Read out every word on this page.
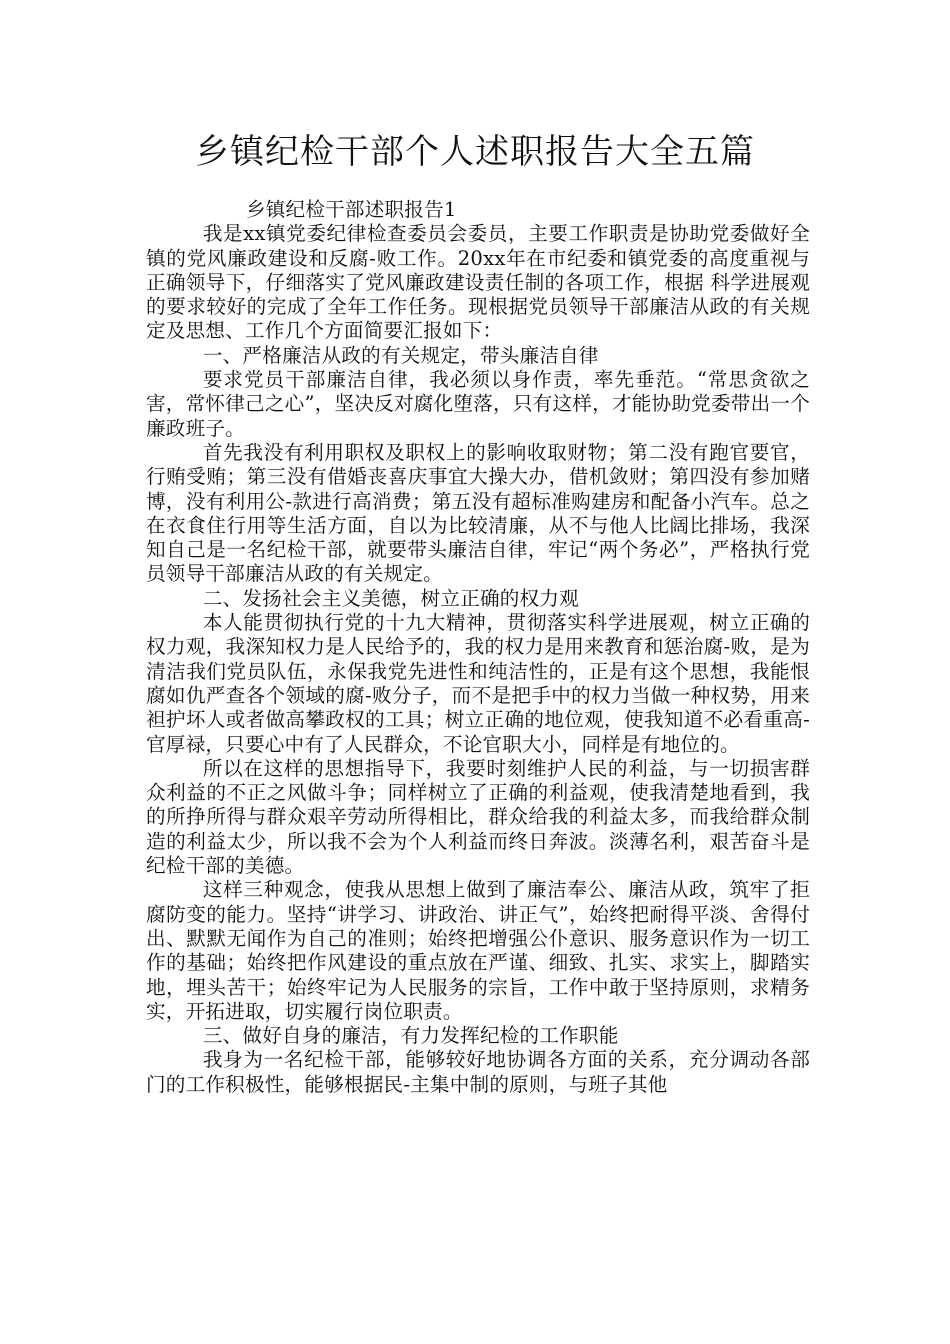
乡镇纪检干部个人述职报告大全五篇

乡镇纪检干部述职报告1

我是xx镇党委纪律检查委员会委员，主要工作职责是协助党委做好全镇的党风廉政建设和反腐-败工作。20xx年在市纪委和镇党委的高度重视与正确领导下，仔细落实了党风廉政建设责任制的各项工作，根据 科学进展观的要求较好的完成了全年工作任务。现根据党员领导干部廉洁从政的有关规定及思想、工作几个方面简要汇报如下：

一、严格廉洁从政的有关规定，带头廉洁自律

要求党员干部廉洁自律，我必须以身作责，率先垂范。“常思贪欲之害，常怀律己之心”，坚决反对腐化堕落，只有这样，才能协助党委带出一个廉政班子。

首先我没有利用职权及职权上的影响收取财物；第二没有跑官要官，行贿受贿；第三没有借婚丧喜庆事宜大操大办，借机敛财；第四没有参加赌博，没有利用公-款进行高消费；第五没有超标准购建房和配备小汽车。总之在衣食住行用等生活方面，自以为比较清廉，从不与他人比阔比排场，我深知自己是一名纪检干部，就要带头廉洁自律，牢记“两个务必”，严格执行党员领导干部廉洁从政的有关规定。

二、发扬社会主义美德，树立正确的权力观

本人能贯彻执行党的十九大精神，贯彻落实科学进展观，树立正确的权力观，我深知权力是人民给予的，我的权力是用来教育和惩治腐-败，是为清洁我们党员队伍，永保我党先进性和纯洁性的，正是有这个思想，我能恨腐如仇严查各个领域的腐-败分子，而不是把手中的权力当做一种权势，用来袒护坏人或者做高攀政权的工具；树立正确的地位观，使我知道不必看重高-官厚禄，只要心中有了人民群众，不论官职大小，同样是有地位的。

所以在这样的思想指导下，我要时刻维护人民的利益，与一切损害群众利益的不正之风做斗争；同样树立了正确的利益观，使我清楚地看到，我的所挣所得与群众艰辛劳动所得相比，群众给我的利益太多，而我给群众制造的利益太少，所以我不会为个人利益而终日奔波。淡薄名利，艰苦奋斗是纪检干部的美德。

这样三种观念，使我从思想上做到了廉洁奉公、廉洁从政，筑牢了拒腐防变的能力。坚持“讲学习、讲政治、讲正气”，始终把耐得平淡、舍得付出、默默无闻作为自己的准则；始终把增强公仆意识、服务意识作为一切工作的基础；始终把作风建设的重点放在严谨、细致、扎实、求实上，脚踏实地，埋头苦干；始终牢记为人民服务的宗旨，工作中敢于坚持原则，求精务实，开拓进取，切实履行岗位职责。

三、做好自身的廉洁，有力发挥纪检的工作职能

我身为一名纪检干部，能够较好地协调各方面的关系，充分调动各部门的工作积极性，能够根据民-主集中制的原则，与班子其他
